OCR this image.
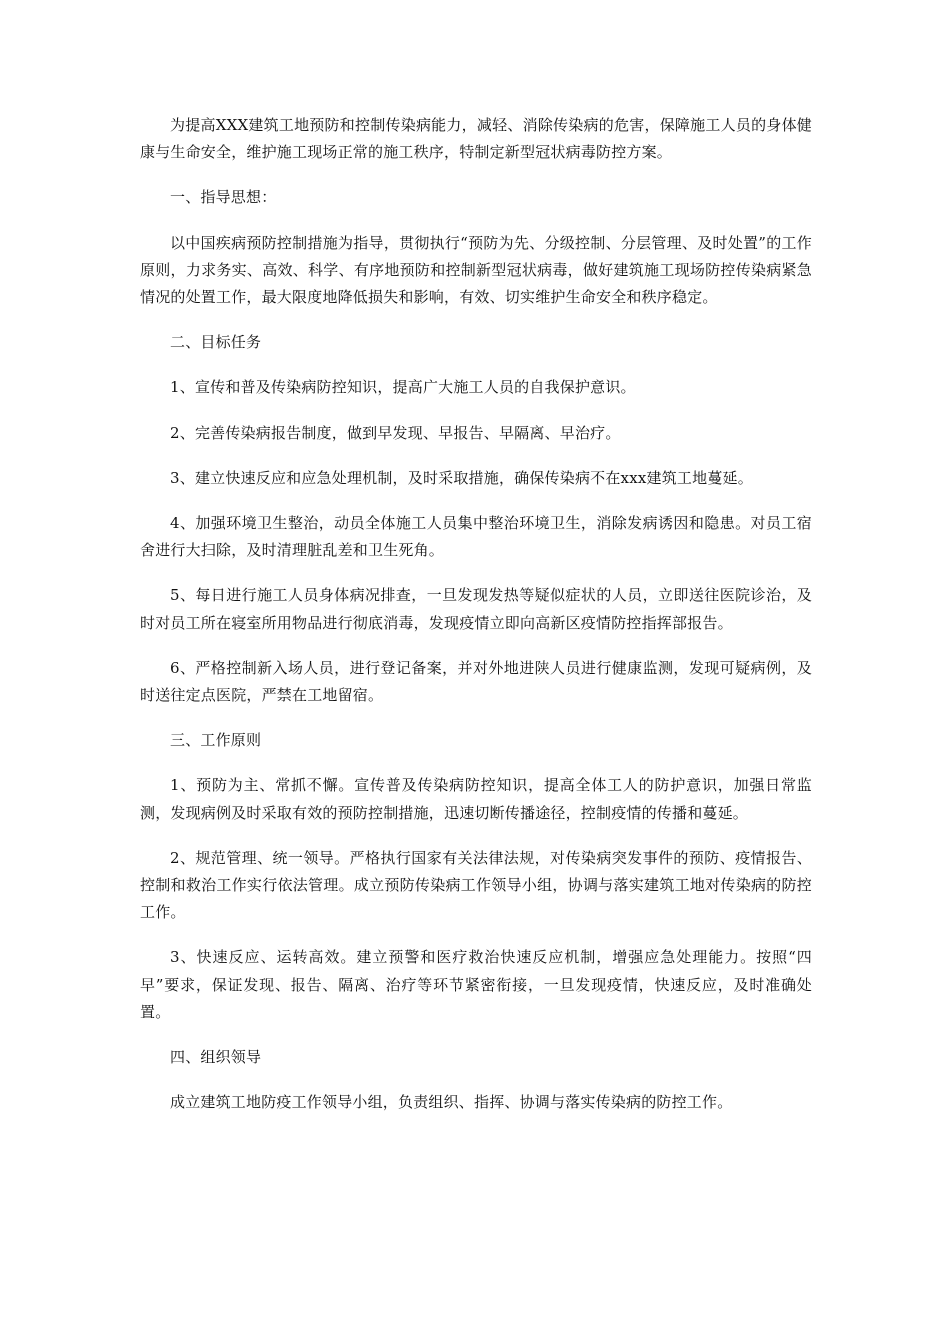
为提高XXX建筑工地预防和控制传染病能力，减轻、消除传染病的危害，保障施工人员的身体健康与生命安全，维护施工现场正常的施工秩序，特制定新型冠状病毒防控方案。

一、指导思想：

以中国疾病预防控制措施为指导，贯彻执行“预防为先、分级控制、分层管理、及时处置”的工作原则，力求务实、高效、科学、有序地预防和控制新型冠状病毒，做好建筑施工现场防控传染病紧急情况的处置工作，最大限度地降低损失和影响，有效、切实维护生命安全和秩序稳定。

二、目标任务

1、宣传和普及传染病防控知识，提高广大施工人员的自我保护意识。

2、完善传染病报告制度，做到早发现、早报告、早隔离、早治疗。

3、建立快速反应和应急处理机制，及时采取措施，确保传染病不在xxx建筑工地蔓延。

4、加强环境卫生整治，动员全体施工人员集中整治环境卫生，消除发病诱因和隐患。对员工宿舍进行大扫除，及时清理脏乱差和卫生死角。

5、每日进行施工人员身体病况排查，一旦发现发热等疑似症状的人员，立即送往医院诊治，及时对员工所在寝室所用物品进行彻底消毒，发现疫情立即向高新区疫情防控指挥部报告。

6、严格控制新入场人员，进行登记备案，并对外地进陕人员进行健康监测，发现可疑病例，及时送往定点医院，严禁在工地留宿。

三、工作原则

1、预防为主、常抓不懈。宣传普及传染病防控知识，提高全体工人的防护意识，加强日常监测，发现病例及时采取有效的预防控制措施，迅速切断传播途径，控制疫情的传播和蔓延。

2、规范管理、统一领导。严格执行国家有关法律法规，对传染病突发事件的预防、疫情报告、控制和救治工作实行依法管理。成立预防传染病工作领导小组，协调与落实建筑工地对传染病的防控工作。

3、快速反应、运转高效。建立预警和医疗救治快速反应机制，增强应急处理能力。按照“四早”要求，保证发现、报告、隔离、治疗等环节紧密衔接，一旦发现疫情，快速反应，及时准确处置。

四、组织领导

成立建筑工地防疫工作领导小组，负责组织、指挥、协调与落实传染病的防控工作。
